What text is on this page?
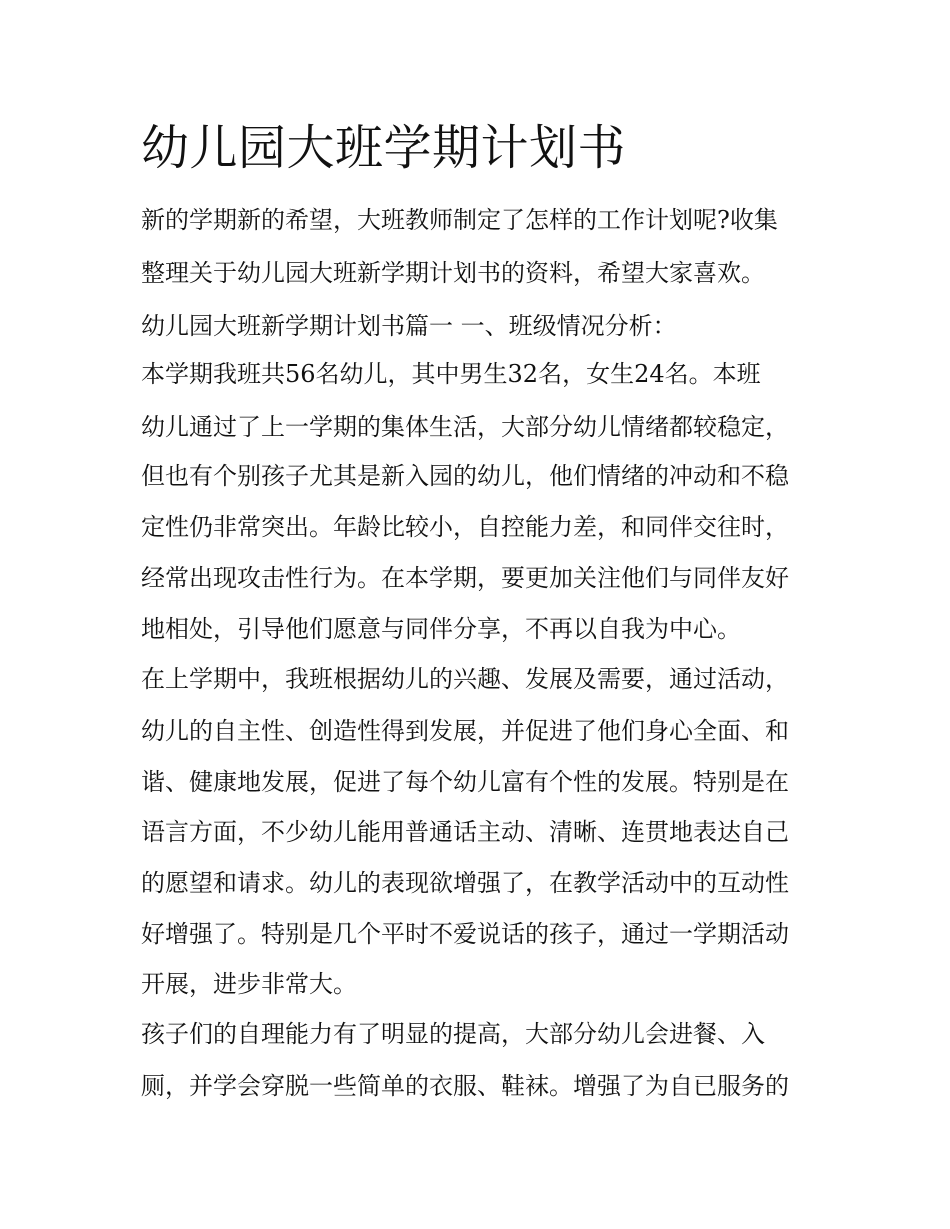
幼儿园大班学期计划书

新的学期新的希望，大班教师制定了怎样的工作计划呢?收集

整理关于幼儿园大班新学期计划书的资料，希望大家喜欢。

幼儿园大班新学期计划书篇一 一、班级情况分析：

本学期我班共56名幼儿，其中男生32名，女生24名。本班

幼儿通过了上一学期的集体生活，大部分幼儿情绪都较稳定，

但也有个别孩子尤其是新入园的幼儿，他们情绪的冲动和不稳

定性仍非常突出。年龄比较小，自控能力差，和同伴交往时，

经常出现攻击性行为。在本学期，要更加关注他们与同伴友好

地相处，引导他们愿意与同伴分享，不再以自我为中心。

在上学期中，我班根据幼儿的兴趣、发展及需要，通过活动，

幼儿的自主性、创造性得到发展，并促进了他们身心全面、和

谐、健康地发展，促进了每个幼儿富有个性的发展。特别是在

语言方面，不少幼儿能用普通话主动、清晰、连贯地表达自己

的愿望和请求。幼儿的表现欲增强了，在教学活动中的互动性

好增强了。特别是几个平时不爱说话的孩子，通过一学期活动

开展，进步非常大。

孩子们的自理能力有了明显的提高，大部分幼儿会进餐、入

厕，并学会穿脱一些简单的衣服、鞋袜。增强了为自已服务的
